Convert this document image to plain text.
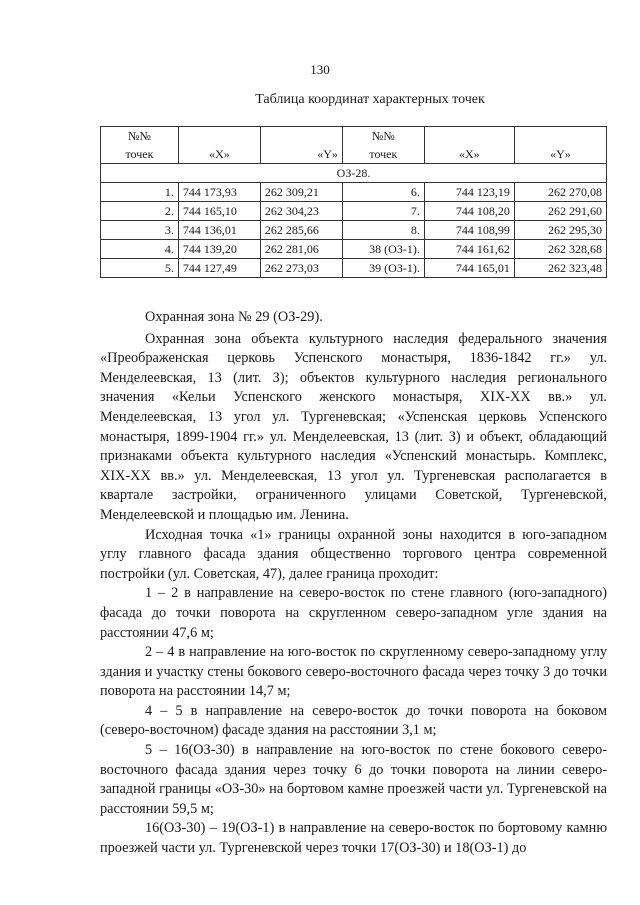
130
Таблица координат характерных точек
№№			№№		
точек	«X»	«Y»	точек	«X»	«Y»
ОЗ-28.					
1.	744 173,93	262 309,21	6.	744 123,19	262 270,08
2.	744 165,10	262 304,23	7.	744 108,20	262 291,60
3.	744 136,01	262 285,66	8.	744 108,99	262 295,30
4.	744 139,20	262 281,06	38 (ОЗ-1).	744 161,62	262 328,68
5.	744 127,49	262 273,03	39 (ОЗ-1).	744 165,01	262 323,48

Охранная зона № 29 (ОЗ-29).

Охранная зона объекта культурного наследия федерального значения «Преображенская церковь Успенского монастыря, 1836-1842 гг.» ул. Менделеевская, 13 (лит. З); объектов культурного наследия регионального значения «Кельи Успенского женского монастыря, XIX-XX вв.» ул. Менделеевская, 13 угол ул. Тургеневская; «Успенская церковь Успенского монастыря, 1899-1904 гг.» ул. Менделеевская, 13 (лит. З) и объект, обладающий признаками объекта культурного наследия «Успенский монастырь. Комплекс, XIX-XX вв.» ул. Менделеевская, 13 угол ул. Тургеневская располагается в квартале застройки, ограниченного улицами Советской, Тургеневской, Менделеевской и площадью им. Ленина.

Исходная точка «1» границы охранной зоны находится в юго-западном углу главного фасада здания общественно торгового центра современной постройки (ул. Советская, 47), далее граница проходит:

1 – 2 в направление на северо-восток по стене главного (юго-западного) фасада до точки поворота на скругленном северо-западном угле здания на расстоянии 47,6 м;

2 – 4 в направление на юго-восток по скругленному северо-западному углу здания и участку стены бокового северо-восточного фасада через точку 3 до точки поворота на расстоянии 14,7 м;

4 – 5 в направление на северо-восток до точки поворота на боковом (северо-восточном) фасаде здания на расстоянии 3,1 м;

5 – 16(ОЗ-30) в направление на юго-восток по стене бокового северо-восточного фасада здания через точку 6 до точки поворота на линии северо-западной границы «ОЗ-30» на бортовом камне проезжей части ул. Тургеневской на расстоянии 59,5 м;

16(ОЗ-30) – 19(ОЗ-1) в направление на северо-восток по бортовому камню проезжей части ул. Тургеневской через точки 17(ОЗ-30) и 18(ОЗ-1) до
